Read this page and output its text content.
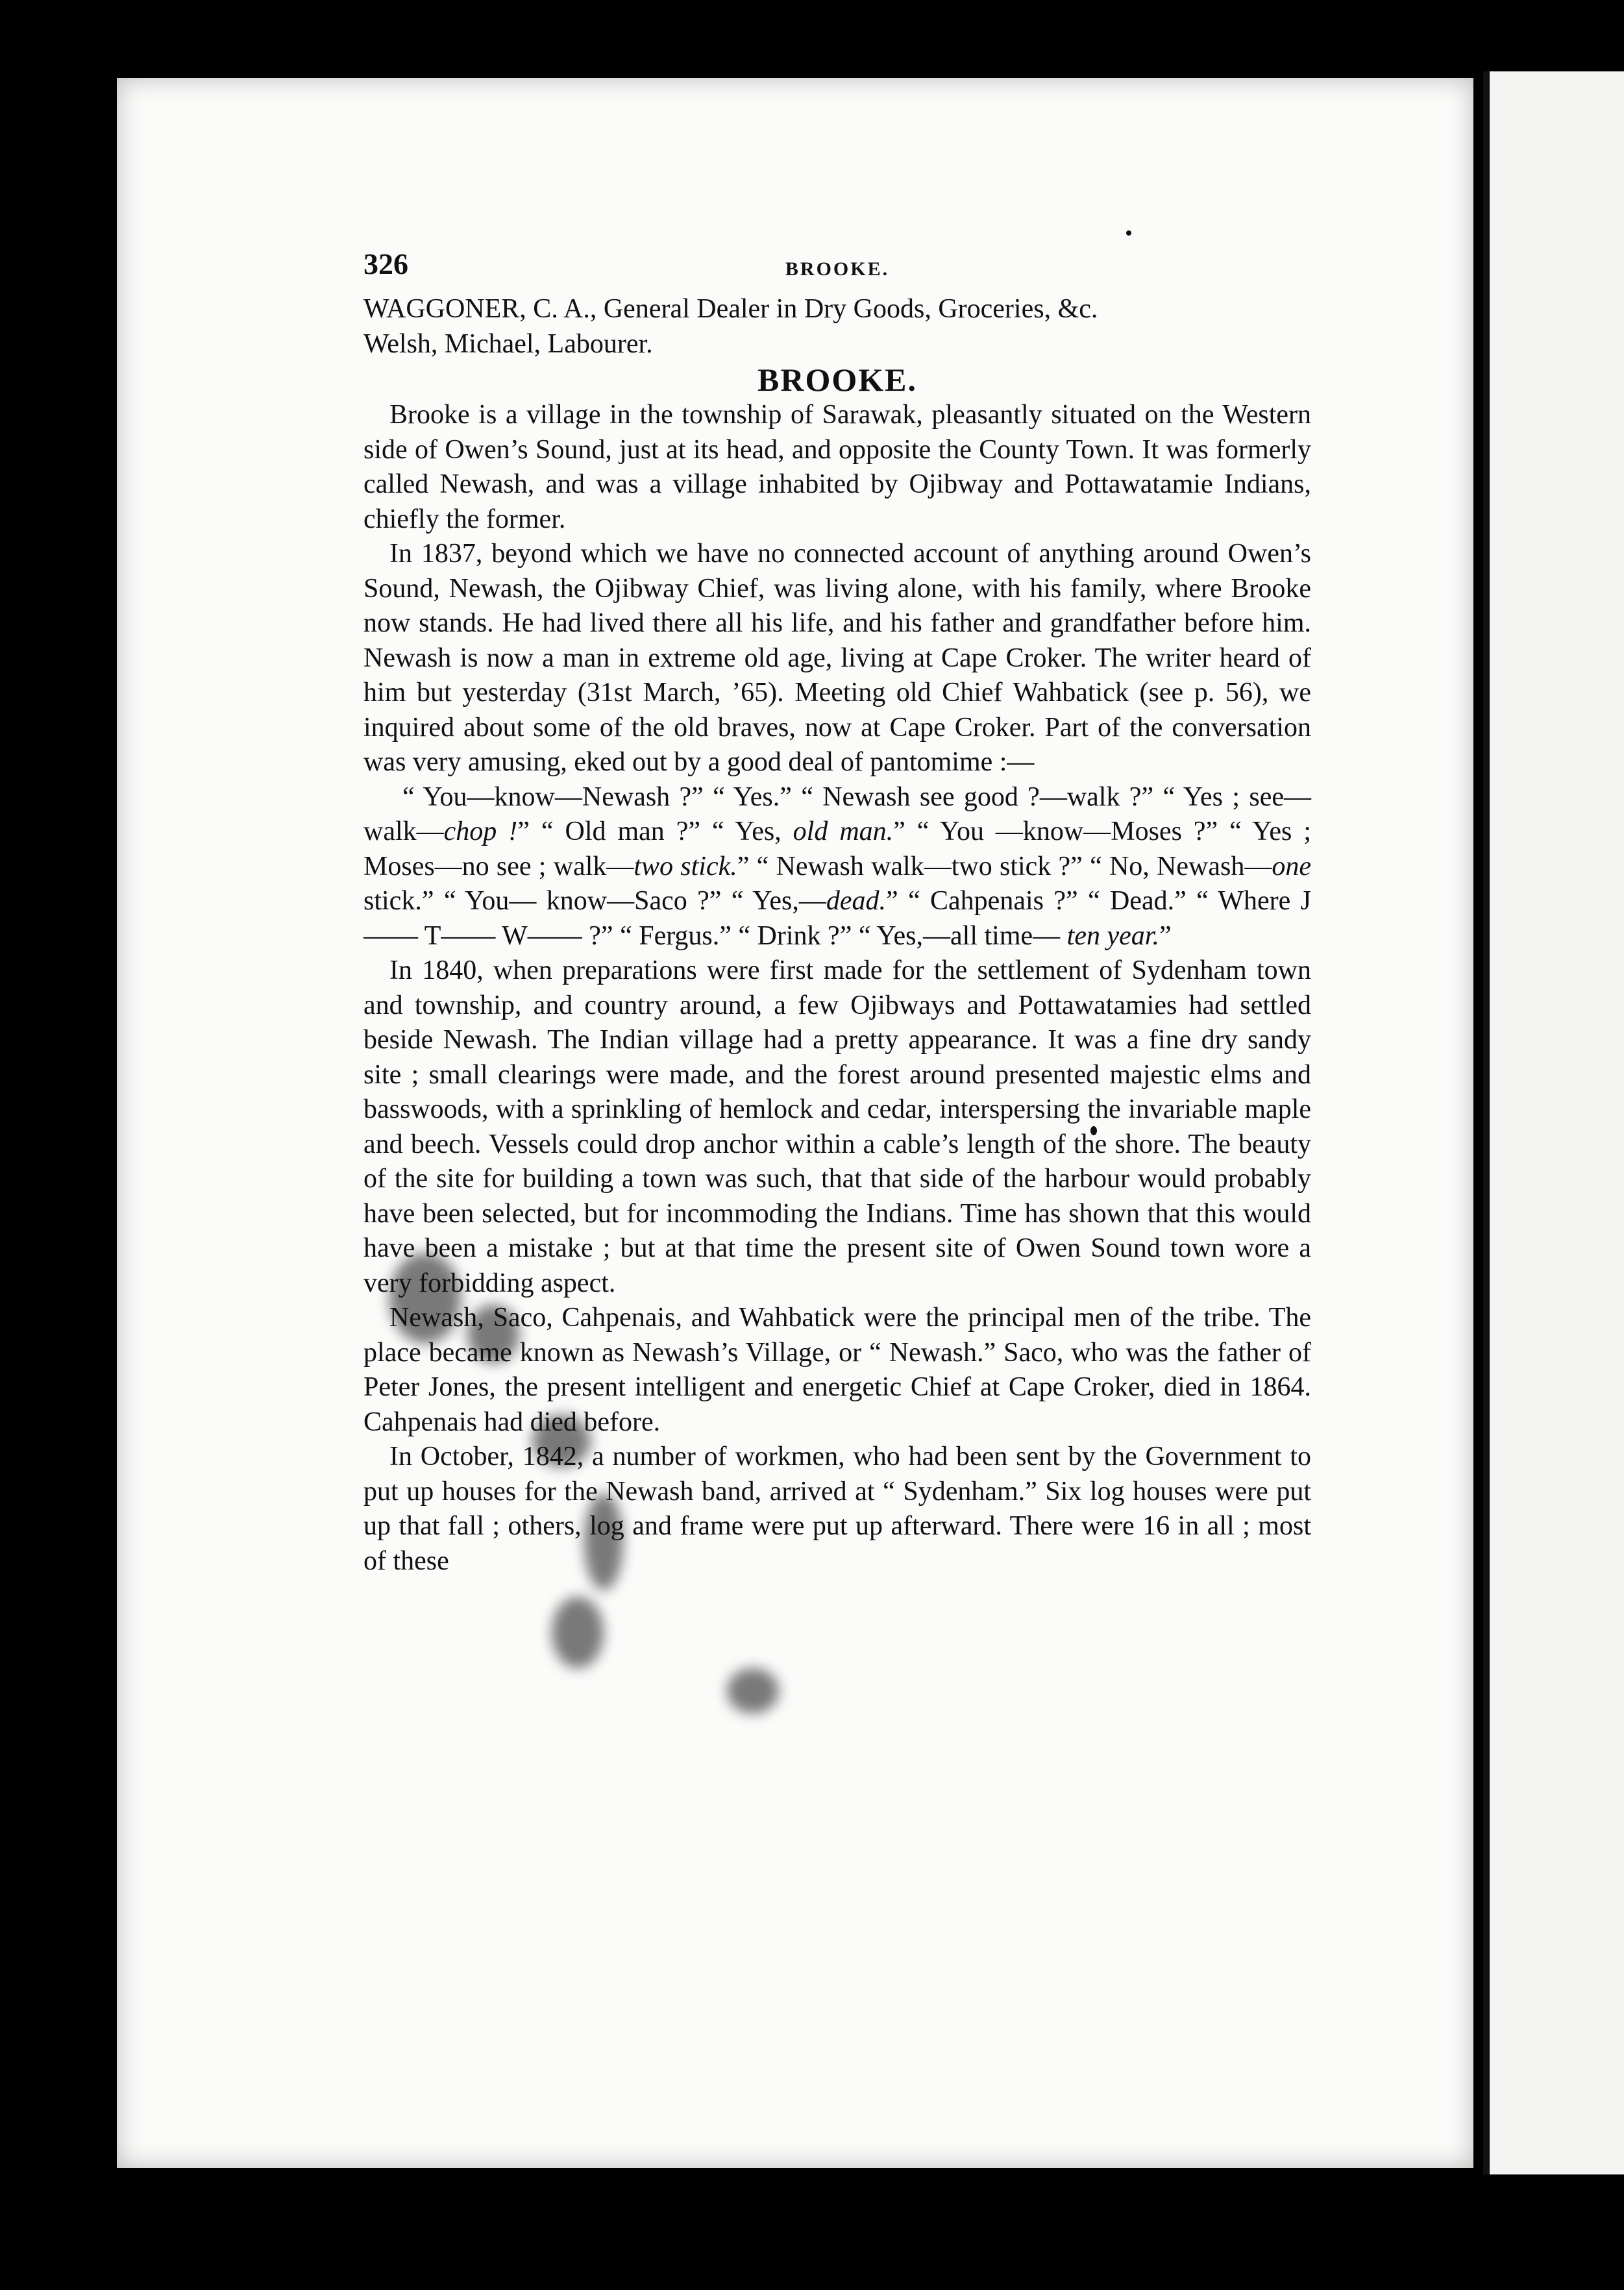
326	BROOKE.

WAGGONER, C. A., General Dealer in Dry Goods, Groceries, &c.

Welsh, Michael, Labourer.

BROOKE.

Brooke is a village in the township of Sarawak, pleasantly situated on the Western side of Owen’s Sound, just at its head, and opposite the County Town. It was formerly called Newash, and was a village inhabited by Ojibway and Pottawatamie Indians, chiefly the former.

In 1837, beyond which we have no connected account of anything around Owen’s Sound, Newash, the Ojibway Chief, was living alone, with his family, where Brooke now stands. He had lived there all his life, and his father and grandfather before him. Newash is now a man in extreme old age, living at Cape Croker. The writer heard of him but yesterday (31st March, ’65). Meeting old Chief Wahbatick (see p. 56), we inquired about some of the old braves, now at Cape Croker. Part of the conversation was very amusing, eked out by a good deal of pantomime :—

“ You—know—Newash ?” “ Yes.” “ Newash see good ?—walk ?” “ Yes ; see—walk—chop !” “ Old man ?” “ Yes, old man.” “ You —know—Moses ?” “ Yes ; Moses—no see ; walk—two stick.” “ Newash walk—two stick ?” “ No, Newash—one stick.” “ You— know—Saco ?” “ Yes,—dead.” “ Cahpenais ?” “ Dead.” “ Where J—— T—— W—— ?” “ Fergus.” “ Drink ?” “ Yes,—all time— ten year.”

In 1840, when preparations were first made for the settlement of Sydenham town and township, and country around, a few Ojibways and Pottawatamies had settled beside Newash. The Indian village had a pretty appearance. It was a fine dry sandy site ; small clearings were made, and the forest around presented majestic elms and basswoods, with a sprinkling of hemlock and cedar, interspersing the invariable maple and beech. Vessels could drop anchor within a cable’s length of the shore. The beauty of the site for building a town was such, that that side of the harbour would probably have been selected, but for incommoding the Indians. Time has shown that this would have been a mistake ; but at that time the present site of Owen Sound town wore a very forbidding aspect.

Newash, Saco, Cahpenais, and Wahbatick were the principal men of the tribe. The place became known as Newash’s Village, or “ Newash.” Saco, who was the father of Peter Jones, the present intelligent and energetic Chief at Cape Croker, died in 1864. Cahpenais had died before.

In October, 1842, a number of workmen, who had been sent by the Government to put up houses for the Newash band, arrived at “ Sydenham.” Six log houses were put up that fall ; others, log and frame were put up afterward. There were 16 in all ; most of these
